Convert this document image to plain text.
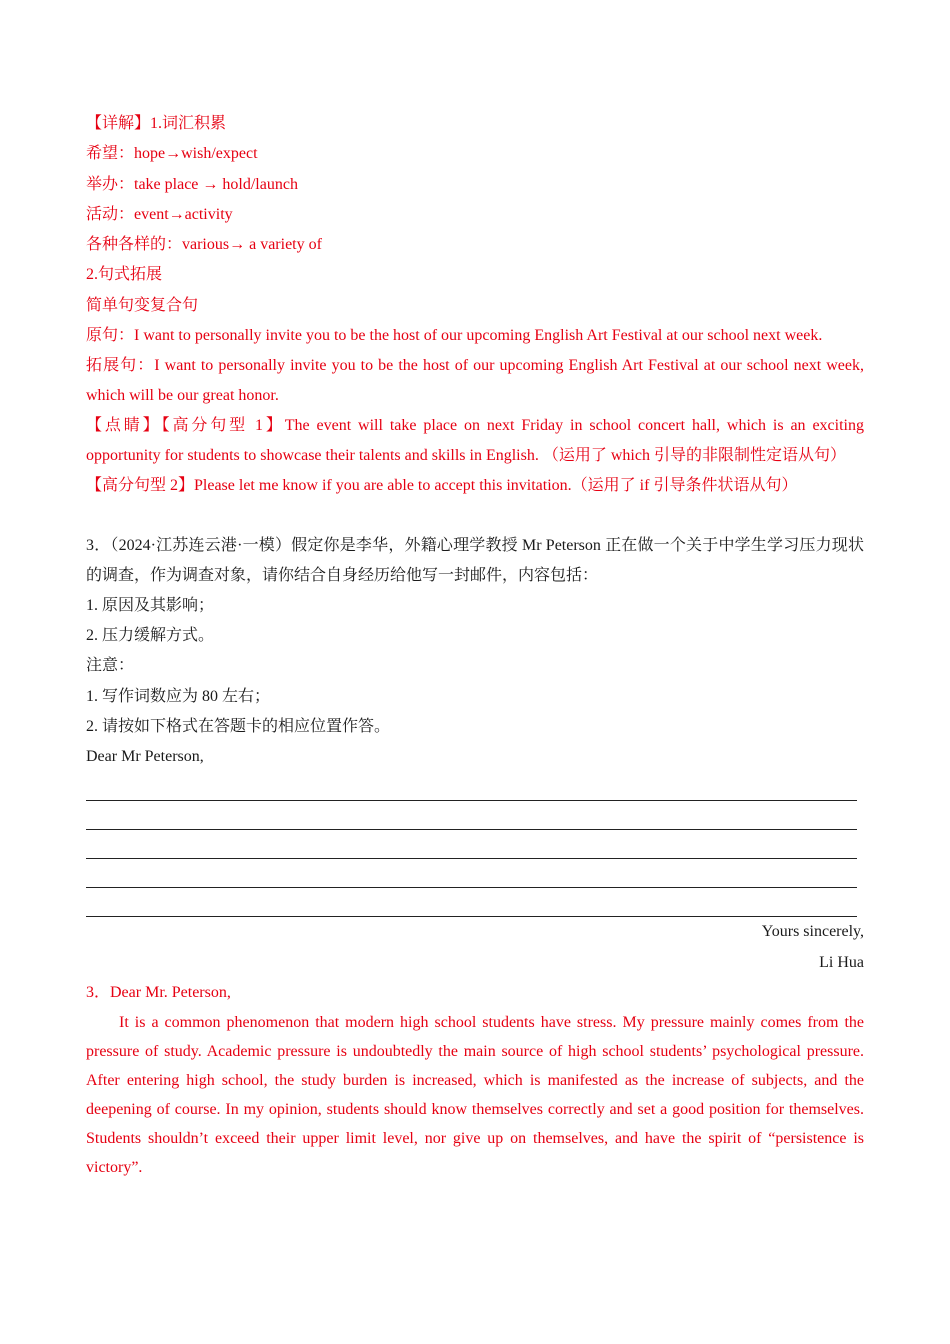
【详解】1.词汇积累

希望：hope→wish/expect

举办：take place → hold/launch

活动：event→activity

各种各样的：various→ a variety of

2.句式拓展

简单句变复合句

原句：I want to personally invite you to be the host of our upcoming English Art Festival at our school next week.

拓展句：I want to personally invite you to be the host of our upcoming English Art Festival at our school next week, which will be our great honor.

【点睛】【高分句型 1】The event will take place on next Friday in school concert hall, which is an exciting opportunity for students to showcase their talents and skills in English. （运用了 which 引导的非限制性定语从句）

【高分句型 2】Please let me know if you are able to accept this invitation.（运用了 if 引导条件状语从句）

3．（2024·江苏连云港·一模）假定你是李华，外籍心理学教授 Mr Peterson 正在做一个关于中学生学习压力现状的调查，作为调查对象，请你结合自身经历给他写一封邮件，内容包括：

1. 原因及其影响；

2. 压力缓解方式。

注意：

1. 写作词数应为 80 左右；

2. 请按如下格式在答题卡的相应位置作答。

Dear Mr Peterson,

Yours sincerely,

Li Hua

3．Dear Mr. Peterson,

It is a common phenomenon that modern high school students have stress. My pressure mainly comes from the pressure of study. Academic pressure is undoubtedly the main source of high school students’ psychological pressure. After entering high school, the study burden is increased, which is manifested as the increase of subjects, and the deepening of course. In my opinion, students should know themselves correctly and set a good position for themselves. Students shouldn’t exceed their upper limit level, nor give up on themselves, and have the spirit of “persistence is victory”.
